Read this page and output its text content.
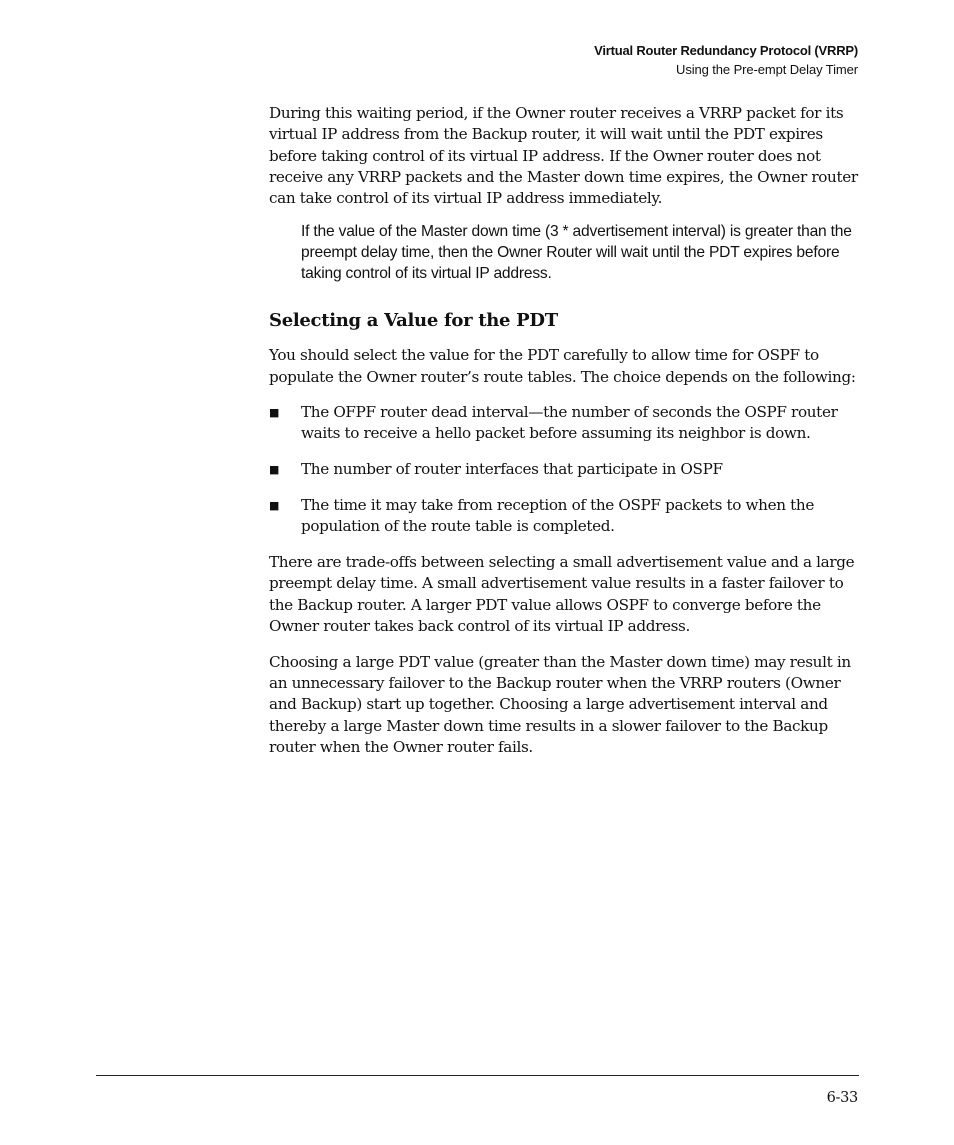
Virtual Router Redundancy Protocol (VRRP)
Using the Pre-empt Delay Timer

During this waiting period, if the Owner router receives a VRRP packet for its virtual IP address from the Backup router, it will wait until the PDT expires before taking control of its virtual IP address. If the Owner router does not receive any VRRP packets and the Master down time expires, the Owner router can take control of its virtual IP address immediately.

If the value of the Master down time (3 * advertisement interval) is greater than the preempt delay time, then the Owner Router will wait until the PDT expires before taking control of its virtual IP address.
Selecting a Value for the PDT

You should select the value for the PDT carefully to allow time for OSPF to populate the Owner router’s route tables. The choice depends on the following:

■ The OFPF router dead interval—the number of seconds the OSPF router waits to receive a hello packet before assuming its neighbor is down.
■ The number of router interfaces that participate in OSPF
■ The time it may take from reception of the OSPF packets to when the population of the route table is completed.

There are trade-offs between selecting a small advertisement value and a large preempt delay time. A small advertisement value results in a faster failover to the Backup router. A larger PDT value allows OSPF to converge before the Owner router takes back control of its virtual IP address.

Choosing a large PDT value (greater than the Master down time) may result in an unnecessary failover to the Backup router when the VRRP routers (Owner and Backup) start up together. Choosing a large advertisement interval and thereby a large Master down time results in a slower failover to the Backup router when the Owner router fails.

6-33
